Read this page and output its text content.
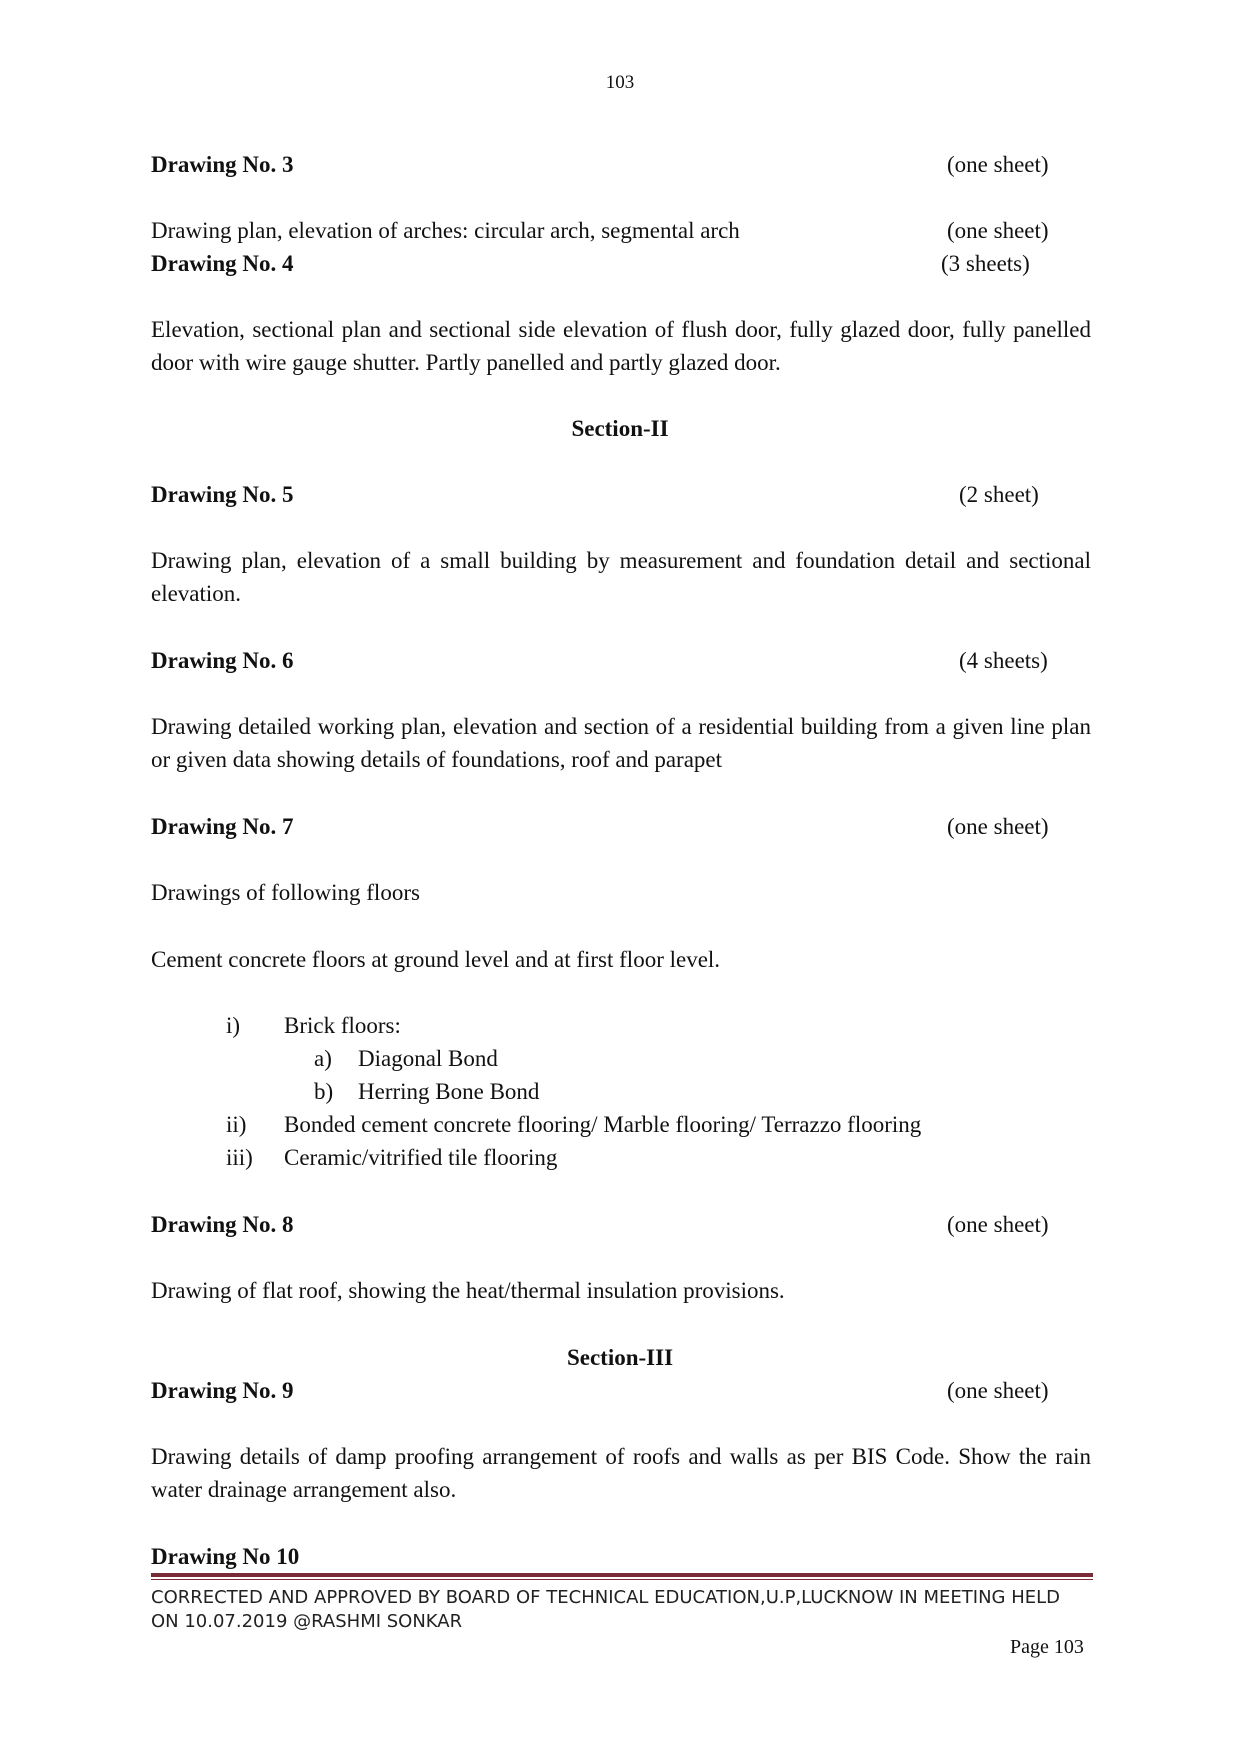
103
Drawing No. 3	(one sheet)
Drawing plan, elevation of arches: circular arch, segmental arch	(one sheet)
Drawing No. 4	(3 sheets)
Elevation, sectional plan and sectional side elevation of flush door, fully glazed door, fully panelled door with wire gauge shutter. Partly panelled and partly glazed door.
Section-II
Drawing No. 5	(2 sheet)
Drawing plan, elevation of a small building by measurement and foundation detail and sectional elevation.
Drawing No. 6	(4 sheets)
Drawing detailed working plan, elevation and section of a residential building from a given line plan or given data showing details of foundations, roof and parapet
Drawing No. 7	(one sheet)
Drawings of following floors
Cement concrete floors at ground level and at first floor level.
i) Brick floors:
a) Diagonal Bond
b) Herring Bone Bond
ii) Bonded cement concrete flooring/ Marble flooring/ Terrazzo flooring
iii) Ceramic/vitrified tile flooring
Drawing No. 8	(one sheet)
Drawing of flat roof, showing the heat/thermal insulation provisions.
Section-III
Drawing No. 9	(one sheet)
Drawing details of damp proofing arrangement of roofs and walls as per BIS Code. Show the rain water drainage arrangement also.
Drawing No 10
CORRECTED AND APPROVED BY BOARD OF TECHNICAL EDUCATION,U.P,LUCKNOW IN MEETING HELD
ON 10.07.2019 @RASHMI SONKAR
Page 103
